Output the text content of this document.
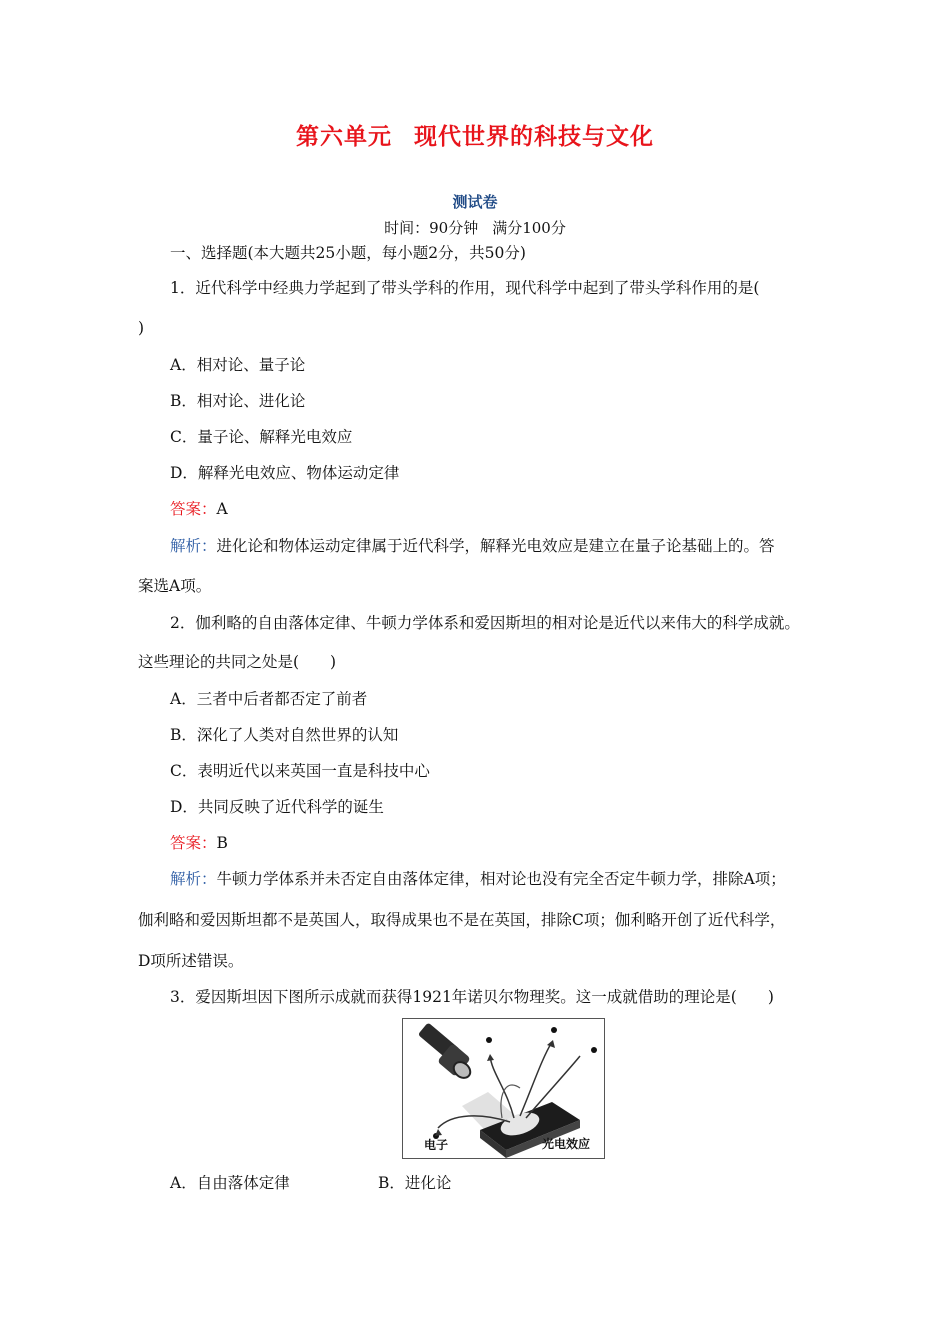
第六单元 现代世界的科技与文化
测试卷
时间：90分钟 满分100分
一、选择题(本大题共25小题，每小题2分，共50分)
1．近代科学中经典力学起到了带头学科的作用，现代科学中起到了带头学科作用的是(
)
A．相对论、量子论
B．相对论、进化论
C．量子论、解释光电效应
D．解释光电效应、物体运动定律
答案：A
解析：进化论和物体运动定律属于近代科学，解释光电效应是建立在量子论基础上的。答
案选A项。
2．伽利略的自由落体定律、牛顿力学体系和爱因斯坦的相对论是近代以来伟大的科学成就。
这些理论的共同之处是(　　)
A．三者中后者都否定了前者
B．深化了人类对自然世界的认知
C．表明近代以来英国一直是科技中心
D．共同反映了近代科学的诞生
答案：B
解析：牛顿力学体系并未否定自由落体定律，相对论也没有完全否定牛顿力学，排除A项；
伽利略和爱因斯坦都不是英国人，取得成果也不是在英国，排除C项；伽利略开创了近代科学，
D项所述错误。
3．爱因斯坦因下图所示成就而获得1921年诺贝尔物理奖。这一成就借助的理论是(　　)
电子	光电效应
A．自由落体定律	B．进化论
